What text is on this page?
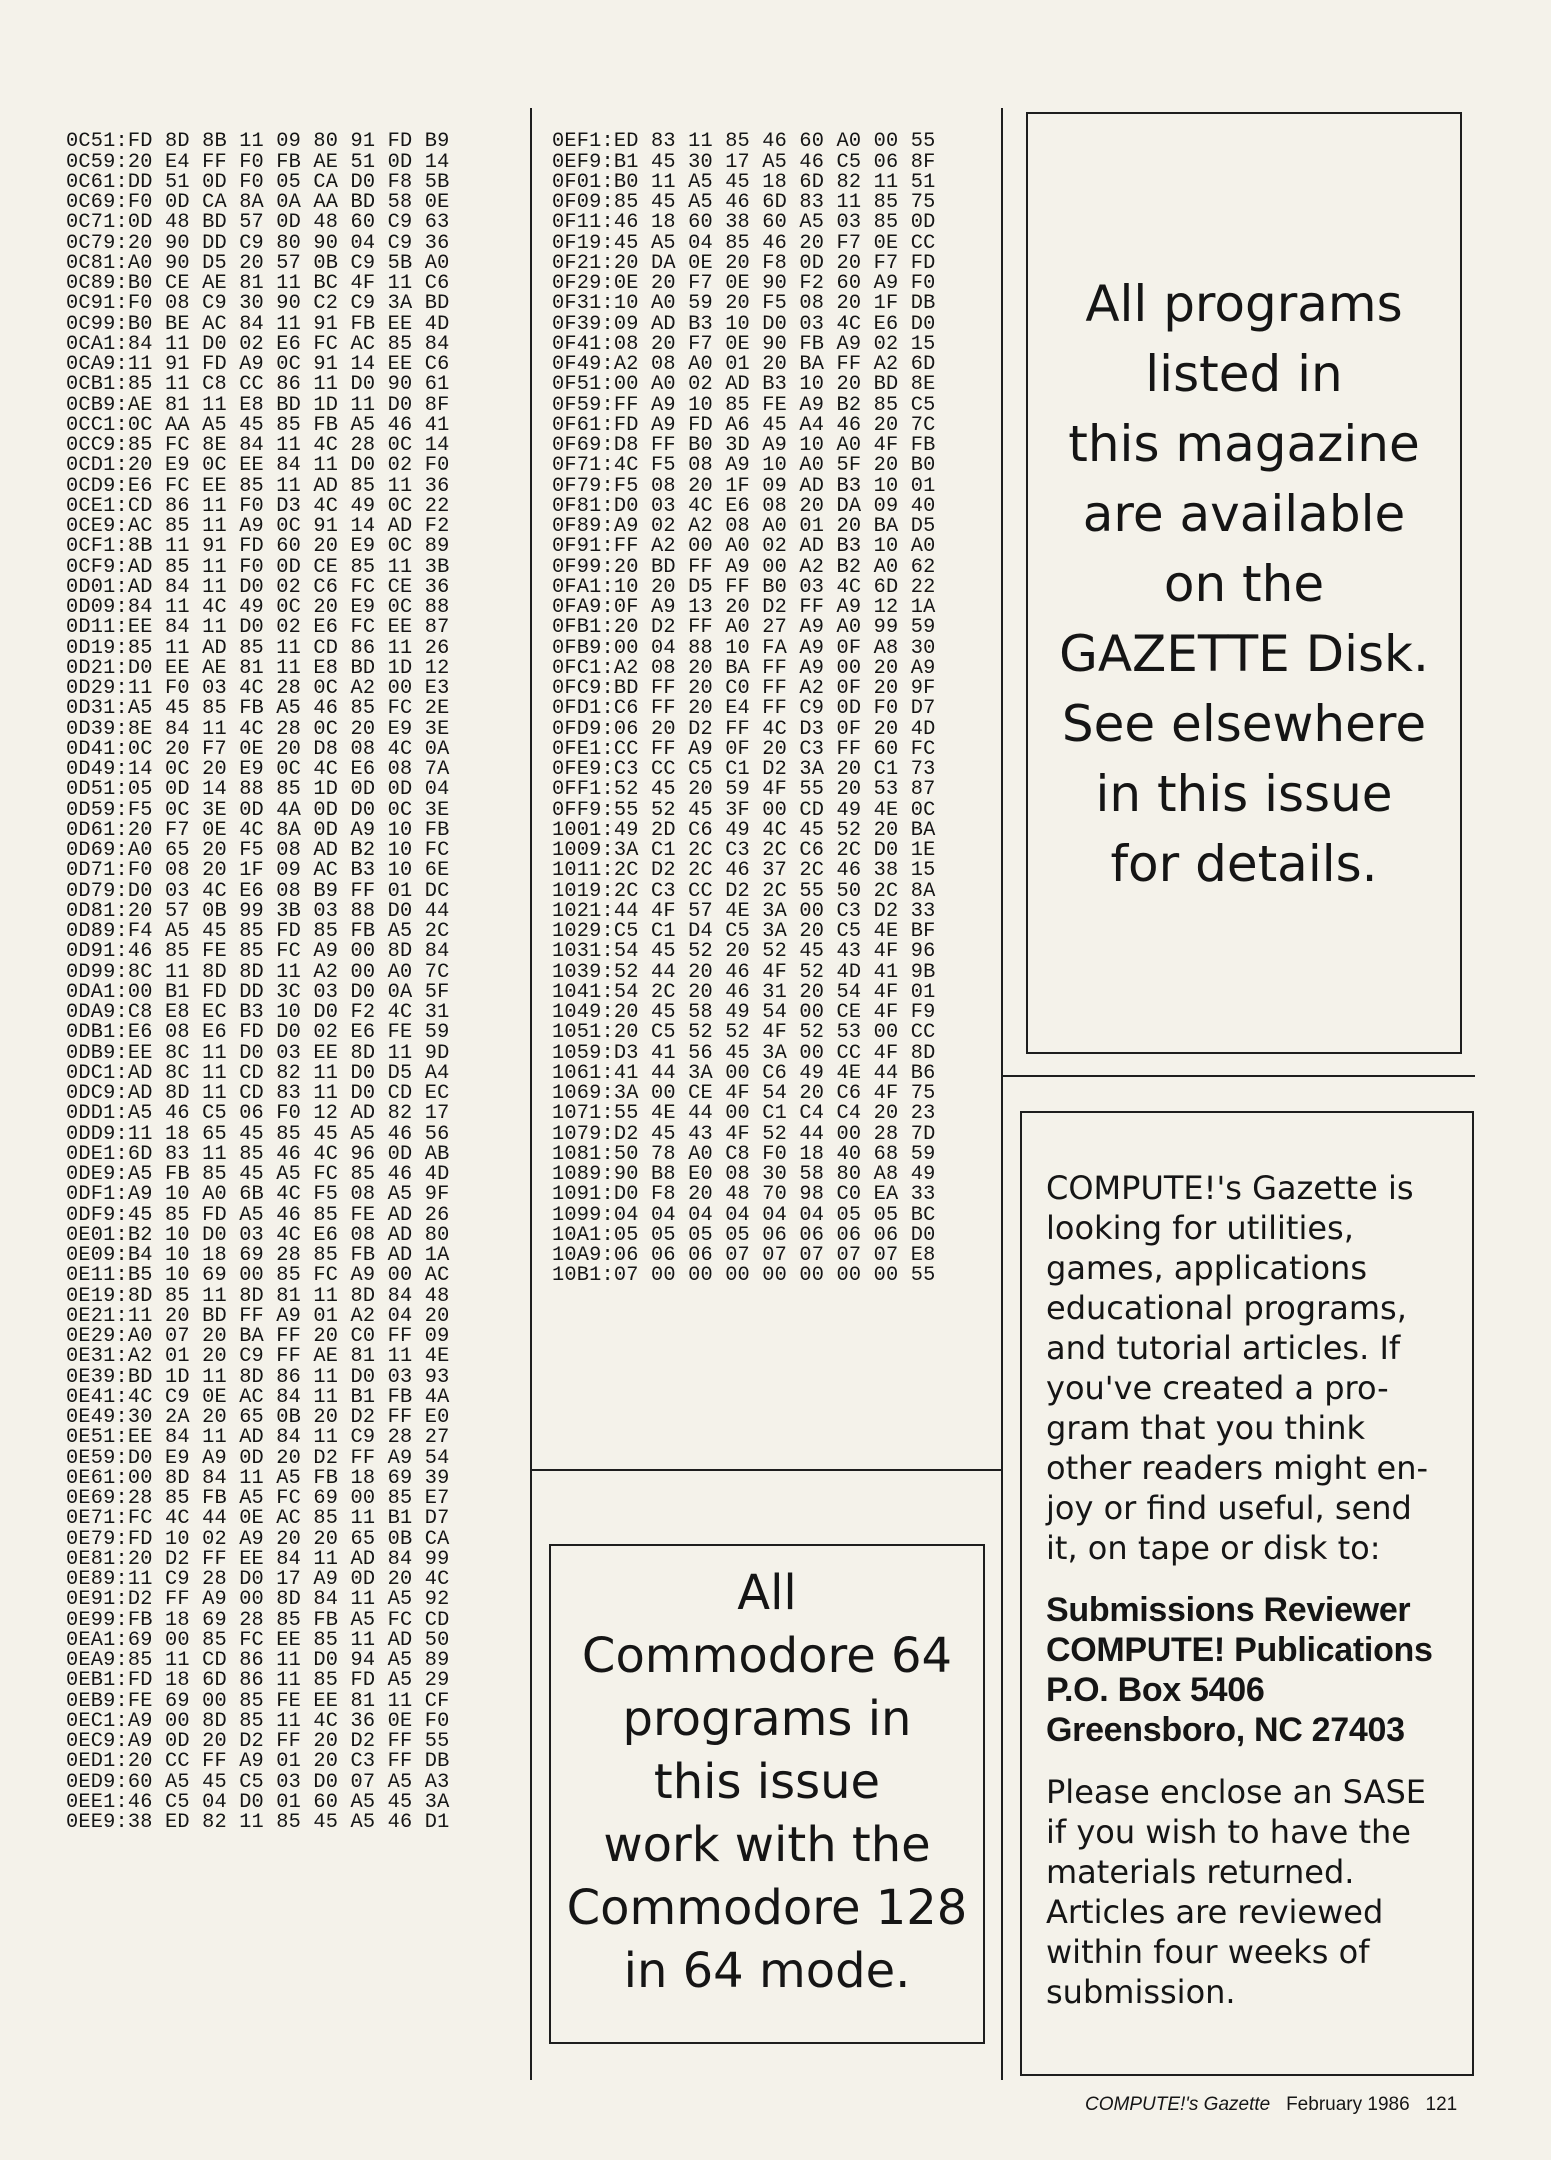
0C51:FD 8D 8B 11 09 80 91 FD B9
0C59:20 E4 FF F0 FB AE 51 0D 14
0C61:DD 51 0D F0 05 CA D0 F8 5B
0C69:F0 0D CA 8A 0A AA BD 58 0E
0C71:0D 48 BD 57 0D 48 60 C9 63
0C79:20 90 DD C9 80 90 04 C9 36
0C81:A0 90 D5 20 57 0B C9 5B A0
0C89:B0 CE AE 81 11 BC 4F 11 C6
0C91:F0 08 C9 30 90 C2 C9 3A BD
0C99:B0 BE AC 84 11 91 FB EE 4D
0CA1:84 11 D0 02 E6 FC AC 85 84
0CA9:11 91 FD A9 0C 91 14 EE C6
0CB1:85 11 C8 CC 86 11 D0 90 61
0CB9:AE 81 11 E8 BD 1D 11 D0 8F
0CC1:0C AA A5 45 85 FB A5 46 41
0CC9:85 FC 8E 84 11 4C 28 0C 14
0CD1:20 E9 0C EE 84 11 D0 02 F0
0CD9:E6 FC EE 85 11 AD 85 11 36
0CE1:CD 86 11 F0 D3 4C 49 0C 22
0CE9:AC 85 11 A9 0C 91 14 AD F2
0CF1:8B 11 91 FD 60 20 E9 0C 89
0CF9:AD 85 11 F0 0D CE 85 11 3B
0D01:AD 84 11 D0 02 C6 FC CE 36
0D09:84 11 4C 49 0C 20 E9 0C 88
0D11:EE 84 11 D0 02 E6 FC EE 87
0D19:85 11 AD 85 11 CD 86 11 26
0D21:D0 EE AE 81 11 E8 BD 1D 12
0D29:11 F0 03 4C 28 0C A2 00 E3
0D31:A5 45 85 FB A5 46 85 FC 2E
0D39:8E 84 11 4C 28 0C 20 E9 3E
0D41:0C 20 F7 0E 20 D8 08 4C 0A
0D49:14 0C 20 E9 0C 4C E6 08 7A
0D51:05 0D 14 88 85 1D 0D 0D 04
0D59:F5 0C 3E 0D 4A 0D D0 0C 3E
0D61:20 F7 0E 4C 8A 0D A9 10 FB
0D69:A0 65 20 F5 08 AD B2 10 FC
0D71:F0 08 20 1F 09 AC B3 10 6E
0D79:D0 03 4C E6 08 B9 FF 01 DC
0D81:20 57 0B 99 3B 03 88 D0 44
0D89:F4 A5 45 85 FD 85 FB A5 2C
0D91:46 85 FE 85 FC A9 00 8D 84
0D99:8C 11 8D 8D 11 A2 00 A0 7C
0DA1:00 B1 FD DD 3C 03 D0 0A 5F
0DA9:C8 E8 EC B3 10 D0 F2 4C 31
0DB1:E6 08 E6 FD D0 02 E6 FE 59
0DB9:EE 8C 11 D0 03 EE 8D 11 9D
0DC1:AD 8C 11 CD 82 11 D0 D5 A4
0DC9:AD 8D 11 CD 83 11 D0 CD EC
0DD1:A5 46 C5 06 F0 12 AD 82 17
0DD9:11 18 65 45 85 45 A5 46 56
0DE1:6D 83 11 85 46 4C 96 0D AB
0DE9:A5 FB 85 45 A5 FC 85 46 4D
0DF1:A9 10 A0 6B 4C F5 08 A5 9F
0DF9:45 85 FD A5 46 85 FE AD 26
0E01:B2 10 D0 03 4C E6 08 AD 80
0E09:B4 10 18 69 28 85 FB AD 1A
0E11:B5 10 69 00 85 FC A9 00 AC
0E19:8D 85 11 8D 81 11 8D 84 48
0E21:11 20 BD FF A9 01 A2 04 20
0E29:A0 07 20 BA FF 20 C0 FF 09
0E31:A2 01 20 C9 FF AE 81 11 4E
0E39:BD 1D 11 8D 86 11 D0 03 93
0E41:4C C9 0E AC 84 11 B1 FB 4A
0E49:30 2A 20 65 0B 20 D2 FF E0
0E51:EE 84 11 AD 84 11 C9 28 27
0E59:D0 E9 A9 0D 20 D2 FF A9 54
0E61:00 8D 84 11 A5 FB 18 69 39
0E69:28 85 FB A5 FC 69 00 85 E7
0E71:FC 4C 44 0E AC 85 11 B1 D7
0E79:FD 10 02 A9 20 20 65 0B CA
0E81:20 D2 FF EE 84 11 AD 84 99
0E89:11 C9 28 D0 17 A9 0D 20 4C
0E91:D2 FF A9 00 8D 84 11 A5 92
0E99:FB 18 69 28 85 FB A5 FC CD
0EA1:69 00 85 FC EE 85 11 AD 50
0EA9:85 11 CD 86 11 D0 94 A5 89
0EB1:FD 18 6D 86 11 85 FD A5 29
0EB9:FE 69 00 85 FE EE 81 11 CF
0EC1:A9 00 8D 85 11 4C 36 0E F0
0EC9:A9 0D 20 D2 FF 20 D2 FF 55
0ED1:20 CC FF A9 01 20 C3 FF DB
0ED9:60 A5 45 C5 03 D0 07 A5 A3
0EE1:46 C5 04 D0 01 60 A5 45 3A
0EE9:38 ED 82 11 85 45 A5 46 D1
0EF1:ED 83 11 85 46 60 A0 00 55
0EF9:B1 45 30 17 A5 46 C5 06 8F
0F01:B0 11 A5 45 18 6D 82 11 51
0F09:85 45 A5 46 6D 83 11 85 75
0F11:46 18 60 38 60 A5 03 85 0D
0F19:45 A5 04 85 46 20 F7 0E CC
0F21:20 DA 0E 20 F8 0D 20 F7 FD
0F29:0E 20 F7 0E 90 F2 60 A9 F0
0F31:10 A0 59 20 F5 08 20 1F DB
0F39:09 AD B3 10 D0 03 4C E6 D0
0F41:08 20 F7 0E 90 FB A9 02 15
0F49:A2 08 A0 01 20 BA FF A2 6D
0F51:00 A0 02 AD B3 10 20 BD 8E
0F59:FF A9 10 85 FE A9 B2 85 C5
0F61:FD A9 FD A6 45 A4 46 20 7C
0F69:D8 FF B0 3D A9 10 A0 4F FB
0F71:4C F5 08 A9 10 A0 5F 20 B0
0F79:F5 08 20 1F 09 AD B3 10 01
0F81:D0 03 4C E6 08 20 DA 09 40
0F89:A9 02 A2 08 A0 01 20 BA D5
0F91:FF A2 00 A0 02 AD B3 10 A0
0F99:20 BD FF A9 00 A2 B2 A0 62
0FA1:10 20 D5 FF B0 03 4C 6D 22
0FA9:0F A9 13 20 D2 FF A9 12 1A
0FB1:20 D2 FF A0 27 A9 A0 99 59
0FB9:00 04 88 10 FA A9 0F A8 30
0FC1:A2 08 20 BA FF A9 00 20 A9
0FC9:BD FF 20 C0 FF A2 0F 20 9F
0FD1:C6 FF 20 E4 FF C9 0D F0 D7
0FD9:06 20 D2 FF 4C D3 0F 20 4D
0FE1:CC FF A9 0F 20 C3 FF 60 FC
0FE9:C3 CC C5 C1 D2 3A 20 C1 73
0FF1:52 45 20 59 4F 55 20 53 87
0FF9:55 52 45 3F 00 CD 49 4E 0C
1001:49 2D C6 49 4C 45 52 20 BA
1009:3A C1 2C C3 2C C6 2C D0 1E
1011:2C D2 2C 46 37 2C 46 38 15
1019:2C C3 CC D2 2C 55 50 2C 8A
1021:44 4F 57 4E 3A 00 C3 D2 33
1029:C5 C1 D4 C5 3A 20 C5 4E BF
1031:54 45 52 20 52 45 43 4F 96
1039:52 44 20 46 4F 52 4D 41 9B
1041:54 2C 20 46 31 20 54 4F 01
1049:20 45 58 49 54 00 CE 4F F9
1051:20 C5 52 52 4F 52 53 00 CC
1059:D3 41 56 45 3A 00 CC 4F 8D
1061:41 44 3A 00 C6 49 4E 44 B6
1069:3A 00 CE 4F 54 20 C6 4F 75
1071:55 4E 44 00 C1 C4 C4 20 23
1079:D2 45 43 4F 52 44 00 28 7D
1081:50 78 A0 C8 F0 18 40 68 59
1089:90 B8 E0 08 30 58 80 A8 49
1091:D0 F8 20 48 70 98 C0 EA 33
1099:04 04 04 04 04 04 05 05 BC
10A1:05 05 05 05 06 06 06 06 D0
10A9:06 06 06 07 07 07 07 07 E8
10B1:07 00 00 00 00 00 00 00 55
All programs
listed in
this magazine
are available
on the
GAZETTE Disk.
See elsewhere
in this issue
for details.
All
Commodore 64
programs in
this issue
work with the
Commodore 128
in 64 mode.
COMPUTE!'s Gazette is
looking for utilities,
games, applications
educational programs,
and tutorial articles. If
you've created a pro-
gram that you think
other readers might en-
joy or find useful, send
it, on tape or disk to:
Submissions Reviewer
COMPUTE! Publications
P.O. Box 5406
Greensboro, NC 27403
Please enclose an SASE
if you wish to have the
materials returned.
Articles are reviewed
within four weeks of
submission.
COMPUTE!'s Gazette February 1986 121
